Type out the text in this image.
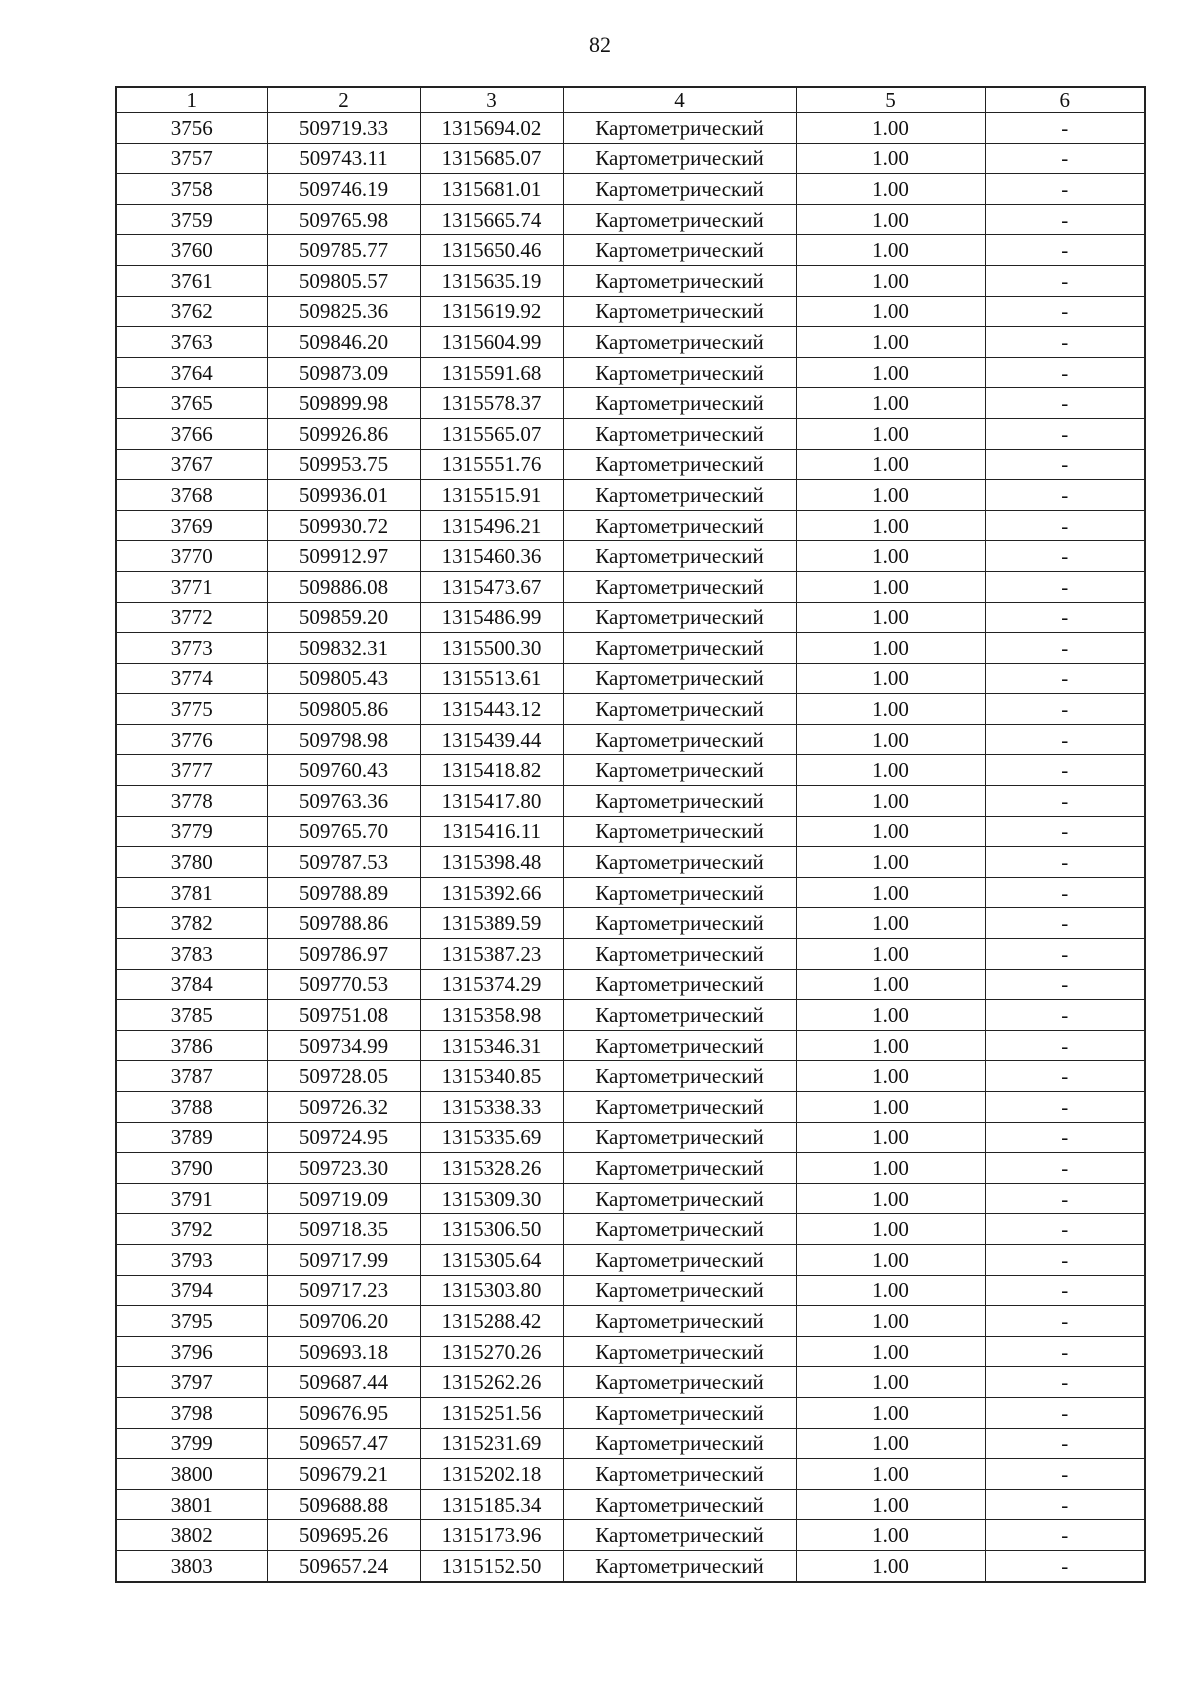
82
1	2	3	4	5	6
3756	509719.33	1315694.02	Картометрический	1.00	-
3757	509743.11	1315685.07	Картометрический	1.00	-
3758	509746.19	1315681.01	Картометрический	1.00	-
3759	509765.98	1315665.74	Картометрический	1.00	-
3760	509785.77	1315650.46	Картометрический	1.00	-
3761	509805.57	1315635.19	Картометрический	1.00	-
3762	509825.36	1315619.92	Картометрический	1.00	-
3763	509846.20	1315604.99	Картометрический	1.00	-
3764	509873.09	1315591.68	Картометрический	1.00	-
3765	509899.98	1315578.37	Картометрический	1.00	-
3766	509926.86	1315565.07	Картометрический	1.00	-
3767	509953.75	1315551.76	Картометрический	1.00	-
3768	509936.01	1315515.91	Картометрический	1.00	-
3769	509930.72	1315496.21	Картометрический	1.00	-
3770	509912.97	1315460.36	Картометрический	1.00	-
3771	509886.08	1315473.67	Картометрический	1.00	-
3772	509859.20	1315486.99	Картометрический	1.00	-
3773	509832.31	1315500.30	Картометрический	1.00	-
3774	509805.43	1315513.61	Картометрический	1.00	-
3775	509805.86	1315443.12	Картометрический	1.00	-
3776	509798.98	1315439.44	Картометрический	1.00	-
3777	509760.43	1315418.82	Картометрический	1.00	-
3778	509763.36	1315417.80	Картометрический	1.00	-
3779	509765.70	1315416.11	Картометрический	1.00	-
3780	509787.53	1315398.48	Картометрический	1.00	-
3781	509788.89	1315392.66	Картометрический	1.00	-
3782	509788.86	1315389.59	Картометрический	1.00	-
3783	509786.97	1315387.23	Картометрический	1.00	-
3784	509770.53	1315374.29	Картометрический	1.00	-
3785	509751.08	1315358.98	Картометрический	1.00	-
3786	509734.99	1315346.31	Картометрический	1.00	-
3787	509728.05	1315340.85	Картометрический	1.00	-
3788	509726.32	1315338.33	Картометрический	1.00	-
3789	509724.95	1315335.69	Картометрический	1.00	-
3790	509723.30	1315328.26	Картометрический	1.00	-
3791	509719.09	1315309.30	Картометрический	1.00	-
3792	509718.35	1315306.50	Картометрический	1.00	-
3793	509717.99	1315305.64	Картометрический	1.00	-
3794	509717.23	1315303.80	Картометрический	1.00	-
3795	509706.20	1315288.42	Картометрический	1.00	-
3796	509693.18	1315270.26	Картометрический	1.00	-
3797	509687.44	1315262.26	Картометрический	1.00	-
3798	509676.95	1315251.56	Картометрический	1.00	-
3799	509657.47	1315231.69	Картометрический	1.00	-
3800	509679.21	1315202.18	Картометрический	1.00	-
3801	509688.88	1315185.34	Картометрический	1.00	-
3802	509695.26	1315173.96	Картометрический	1.00	-
3803	509657.24	1315152.50	Картометрический	1.00	-
